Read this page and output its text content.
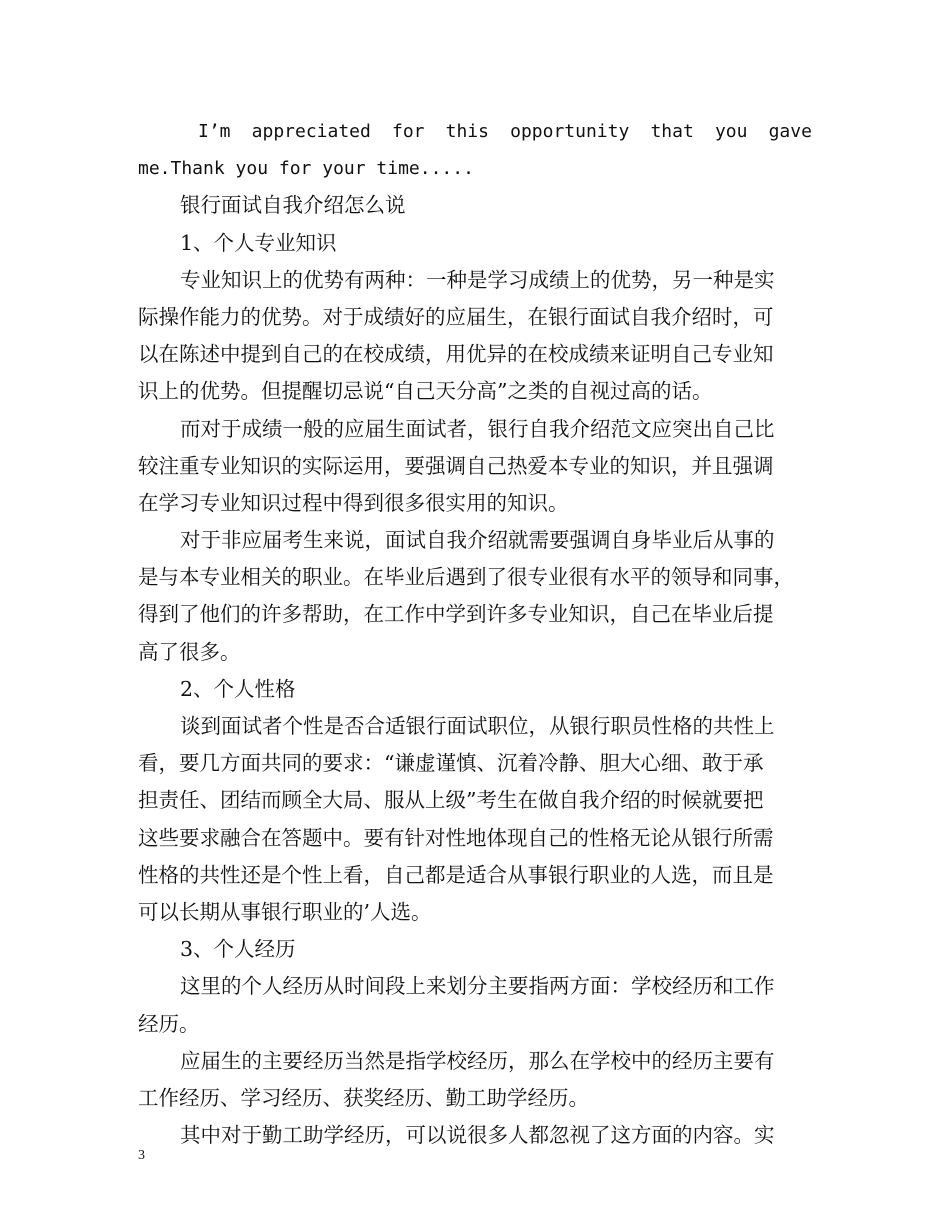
I’m appreciated for this opportunity that you gave
me.Thank you for your time.....
银行面试自我介绍怎么说
1、个人专业知识
专业知识上的优势有两种：一种是学习成绩上的优势，另一种是实
际操作能力的优势。对于成绩好的应届生，在银行面试自我介绍时，可
以在陈述中提到自己的在校成绩，用优异的在校成绩来证明自己专业知
识上的优势。但提醒切忌说“自己天分高”之类的自视过高的话。
而对于成绩一般的应届生面试者，银行自我介绍范文应突出自己比
较注重专业知识的实际运用，要强调自己热爱本专业的知识，并且强调
在学习专业知识过程中得到很多很实用的知识。
对于非应届考生来说，面试自我介绍就需要强调自身毕业后从事的
是与本专业相关的职业。在毕业后遇到了很专业很有水平的领导和同事，
得到了他们的许多帮助，在工作中学到许多专业知识，自己在毕业后提
高了很多。
2、个人性格
谈到面试者个性是否合适银行面试职位，从银行职员性格的共性上
看，要几方面共同的要求：“谦虚谨慎、沉着冷静、胆大心细、敢于承
担责任、团结而顾全大局、服从上级”考生在做自我介绍的时候就要把
这些要求融合在答题中。要有针对性地体现自己的性格无论从银行所需
性格的共性还是个性上看，自己都是适合从事银行职业的人选，而且是
可以长期从事银行职业的’人选。
3、个人经历
这里的个人经历从时间段上来划分主要指两方面：学校经历和工作
经历。
应届生的主要经历当然是指学校经历，那么在学校中的经历主要有
工作经历、学习经历、获奖经历、勤工助学经历。
其中对于勤工助学经历，可以说很多人都忽视了这方面的内容。实
3
